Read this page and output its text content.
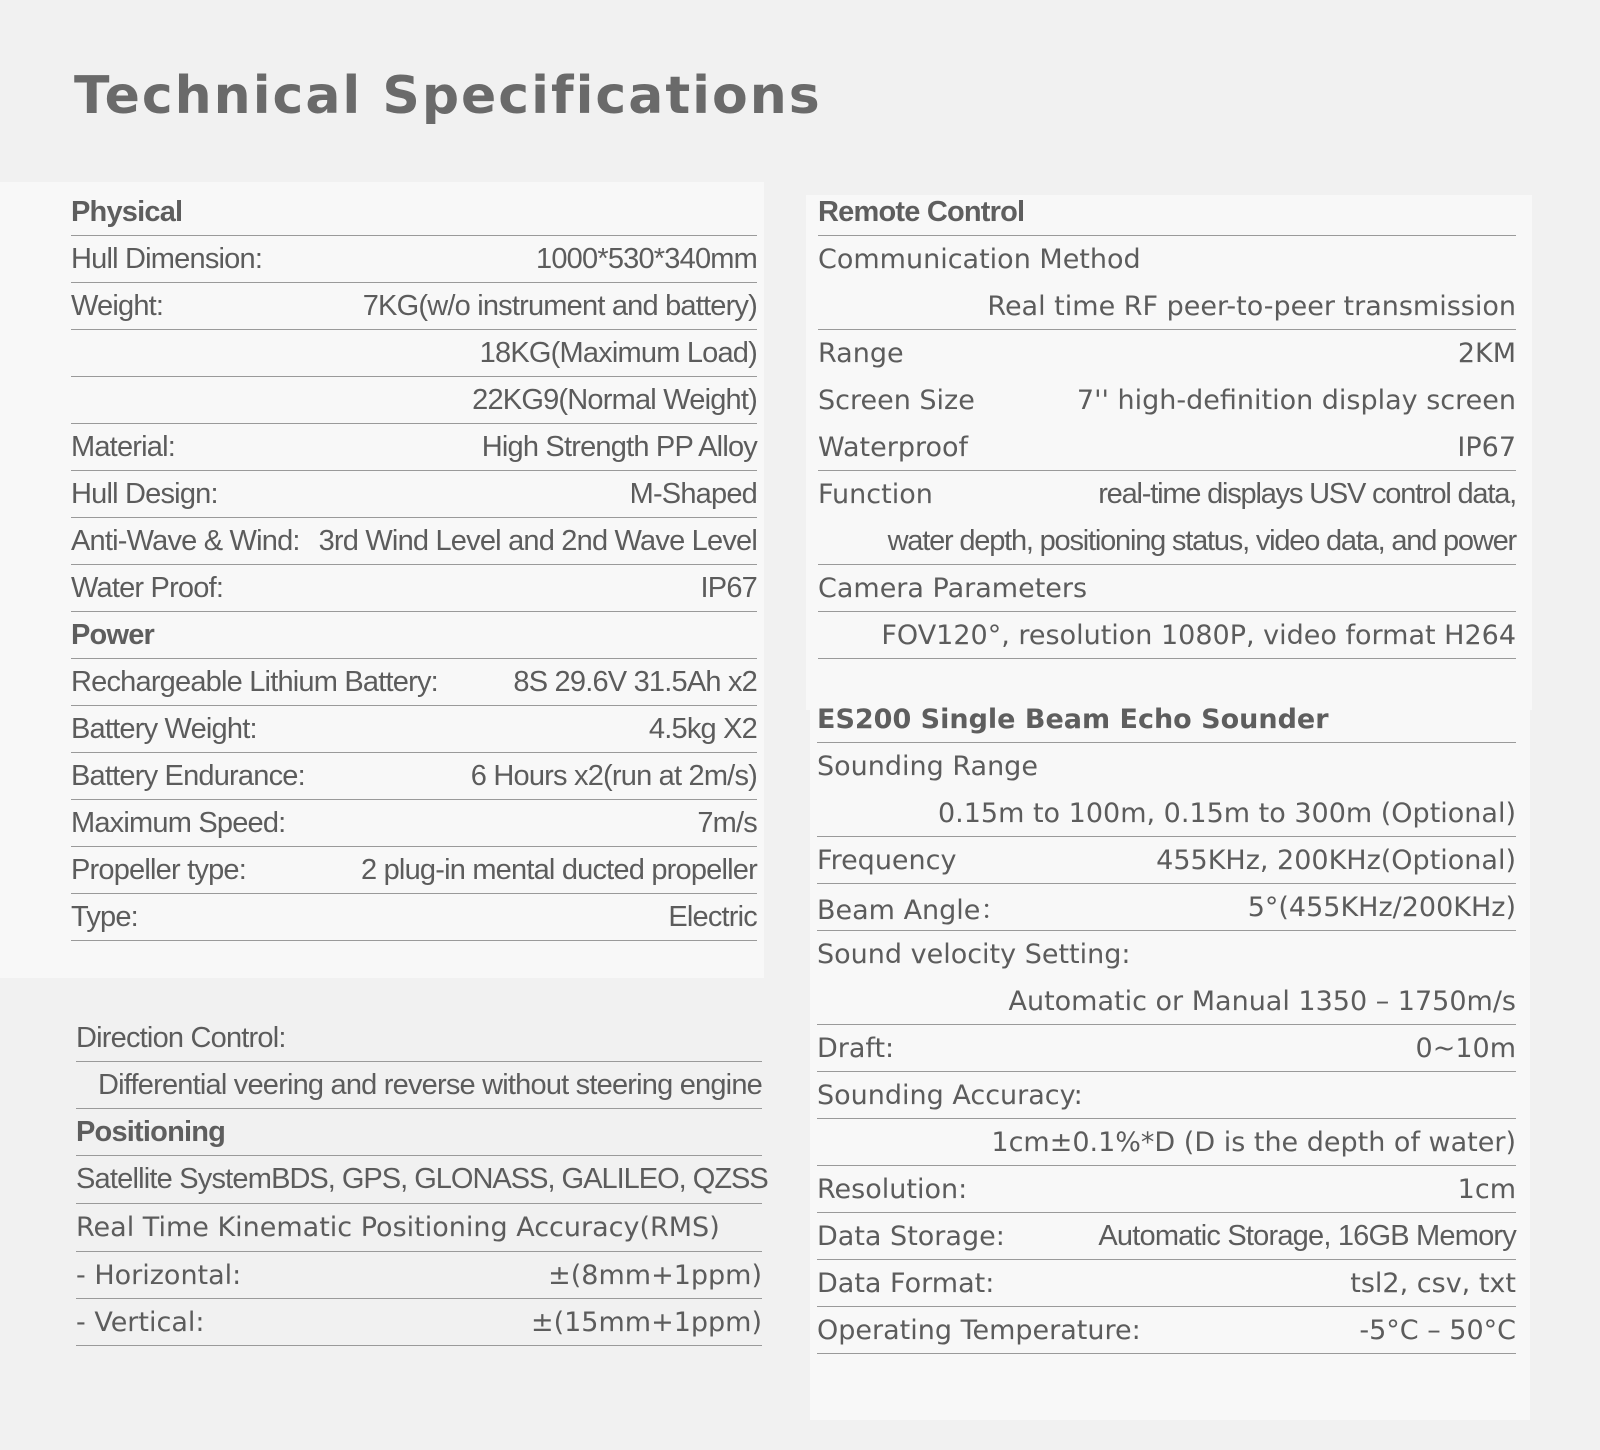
Technical Specifications
Physical
Hull Dimension:	1000*530*340mm
Weight:	7KG(w/o instrument and battery)
18KG(Maximum Load)
22KG9(Normal Weight)
Material:	High Strength PP Alloy
Hull Design:	M-Shaped
Anti-Wave & Wind: 3rd Wind Level and 2nd Wave Level
Water Proof:	IP67
Power
Rechargeable Lithium Battery:	8S 29.6V 31.5Ah x2
Battery Weight:	4.5kg X2
Battery Endurance:	6 Hours x2(run at 2m/s)
Maximum Speed:	7m/s
Propeller type:	2 plug-in mental ducted propeller
Type:	Electric
Direction Control:
Differential veering and reverse without steering engine
Positioning
Satellite System BDS, GPS, GLONASS, GALILEO, QZSS
Real Time Kinematic Positioning Accuracy(RMS)
- Horizontal:	±(8mm+1ppm)
- Vertical:	±(15mm+1ppm)
Remote Control
Communication Method
Real time RF peer-to-peer transmission
Range	2KM
Screen Size	7'' high-definition display screen
Waterproof	IP67
Function	real-time displays USV control data,
water depth, positioning status, video data, and power
Camera Parameters
FOV120°, resolution 1080P, video format H264
ES200 Single Beam Echo Sounder
Sounding Range
0.15m to 100m, 0.15m to 300m (Optional)
Frequency	455KHz, 200KHz(Optional)
Beam Angle：	5°(455KHz/200KHz)
Sound velocity Setting:
Automatic or Manual 1350 – 1750m/s
Draft:	0~10m
Sounding Accuracy:
1cm±0.1%*D (D is the depth of water)
Resolution:	1cm
Data Storage:	Automatic Storage, 16GB Memory
Data Format:	tsl2, csv, txt
Operating Temperature:	-5°C – 50°C
